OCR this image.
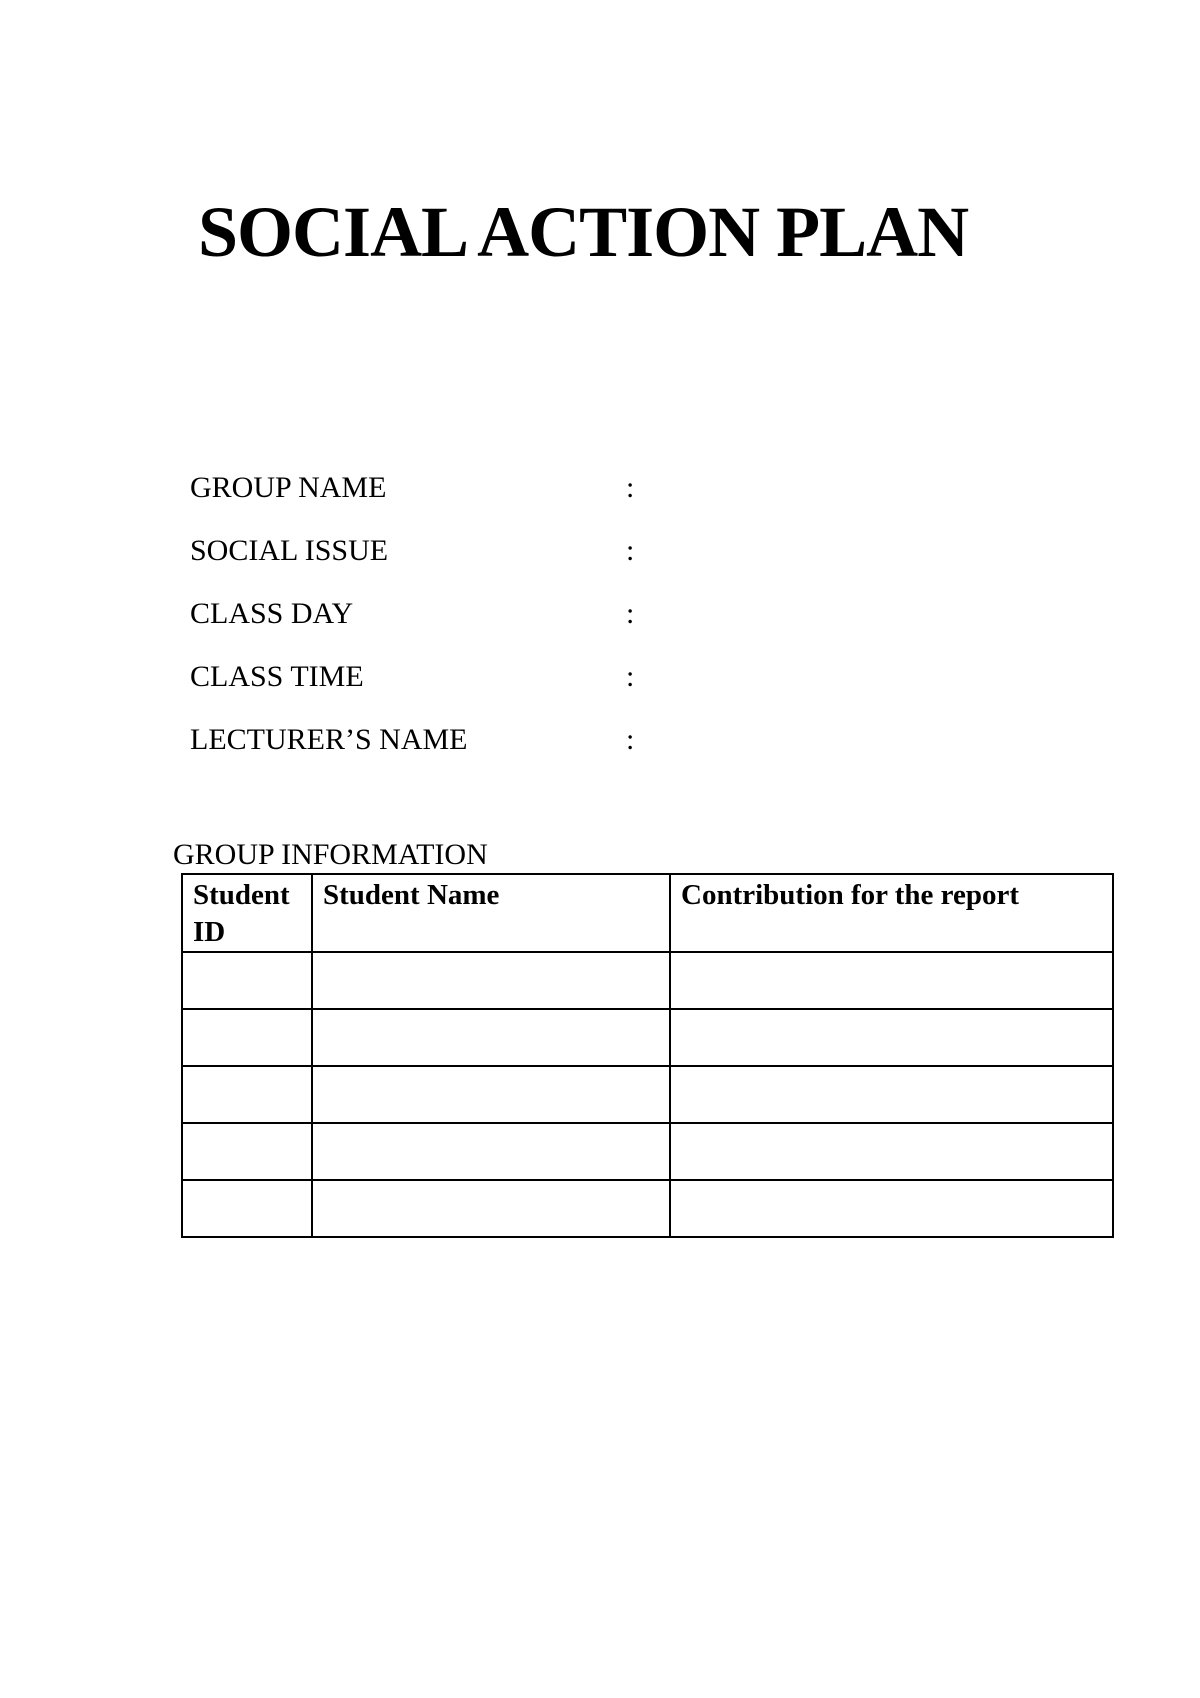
SOCIAL ACTION PLAN
GROUP NAME	:
SOCIAL ISSUE	:
CLASS DAY	:
CLASS TIME	:
LECTURER’S NAME	:
GROUP INFORMATION
Student ID	Student Name	Contribution for the report
